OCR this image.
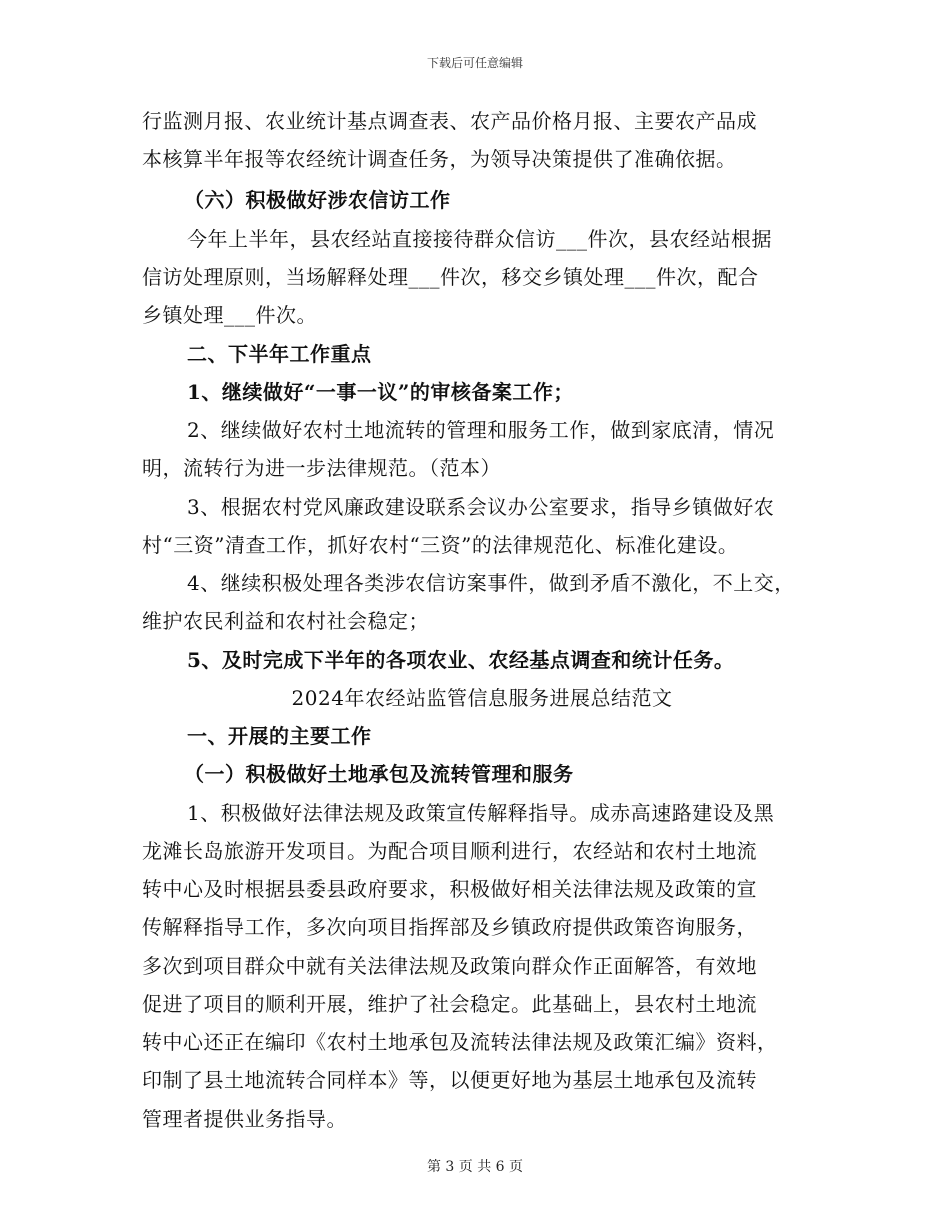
下载后可任意编辑
行监测月报、农业统计基点调查表、农产品价格月报、主要农产品成
本核算半年报等农经统计调查任务，为领导决策提供了准确依据。
（六）积极做好涉农信访工作
今年上半年，县农经站直接接待群众信访___件次，县农经站根据
信访处理原则，当场解释处理___件次，移交乡镇处理___件次，配合
乡镇处理___件次。
二、下半年工作重点
1、继续做好“一事一议”的审核备案工作；
2、继续做好农村土地流转的管理和服务工作，做到家底清，情况
明，流转行为进一步法律规范。（范本）
3、根据农村党风廉政建设联系会议办公室要求，指导乡镇做好农
村“三资”清查工作，抓好农村“三资”的法律规范化、标准化建设。
4、继续积极处理各类涉农信访案事件，做到矛盾不激化，不上交，
维护农民利益和农村社会稳定；
5、及时完成下半年的各项农业、农经基点调查和统计任务。
2024年农经站监管信息服务进展总结范文
一、开展的主要工作
（一）积极做好土地承包及流转管理和服务
1、积极做好法律法规及政策宣传解释指导。成赤高速路建设及黑
龙滩长岛旅游开发项目。为配合项目顺利进行，农经站和农村土地流
转中心及时根据县委县政府要求，积极做好相关法律法规及政策的宣
传解释指导工作，多次向项目指挥部及乡镇政府提供政策咨询服务，
多次到项目群众中就有关法律法规及政策向群众作正面解答，有效地
促进了项目的顺利开展，维护了社会稳定。此基础上，县农村土地流
转中心还正在编印《农村土地承包及流转法律法规及政策汇编》资料，
印制了县土地流转合同样本》等，以便更好地为基层土地承包及流转
管理者提供业务指导。
第 3 页 共 6 页
